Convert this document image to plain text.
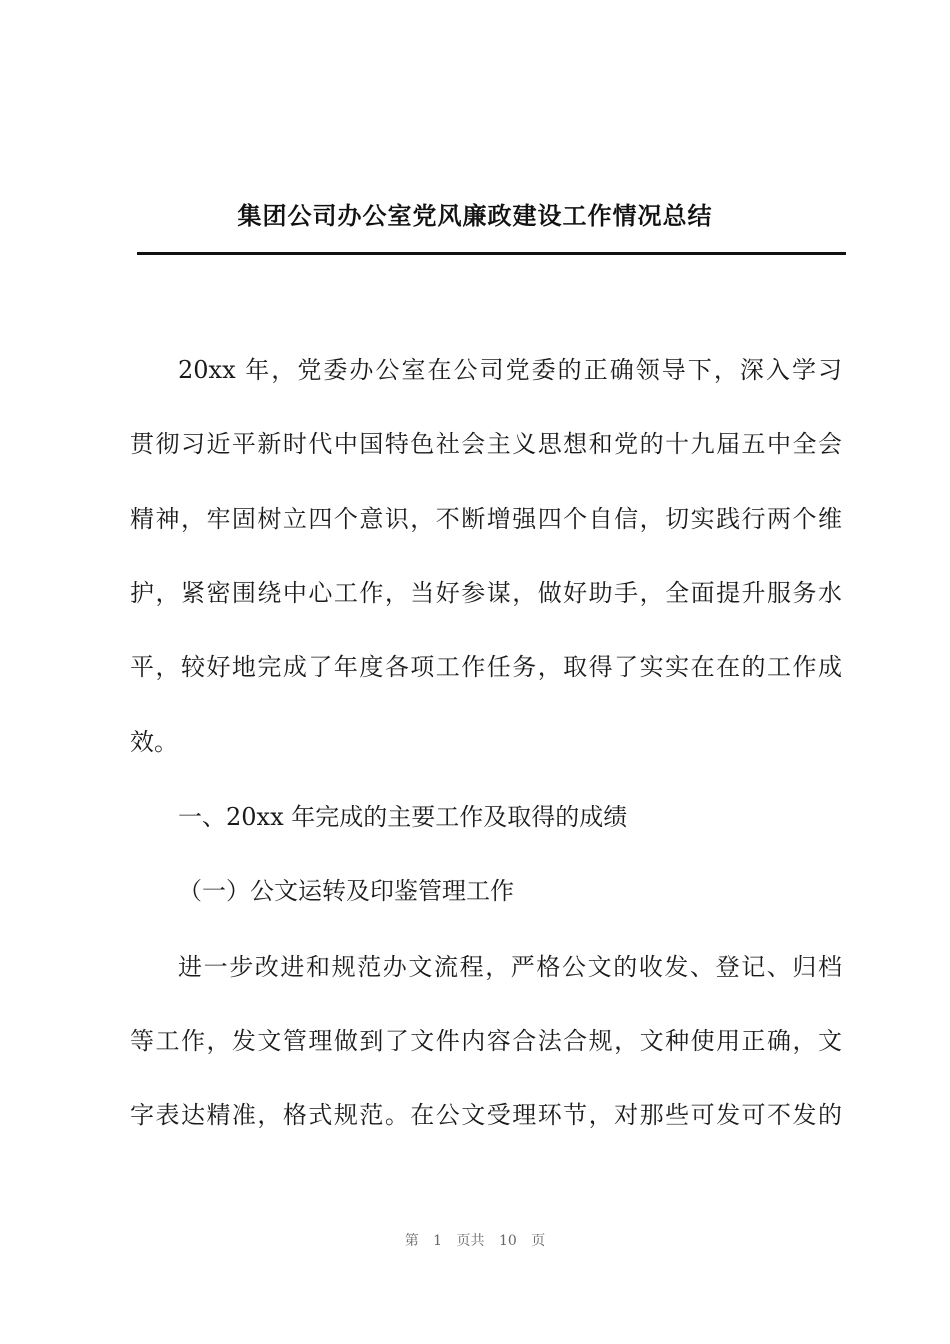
集团公司办公室党风廉政建设工作情况总结
20xx 年，党委办公室在公司党委的正确领导下，深入学习
贯彻习近平新时代中国特色社会主义思想和党的十九届五中全会
精神，牢固树立四个意识，不断增强四个自信，切实践行两个维
护，紧密围绕中心工作，当好参谋，做好助手，全面提升服务水
平，较好地完成了年度各项工作任务，取得了实实在在的工作成
效。
一、20xx 年完成的主要工作及取得的成绩
（一）公文运转及印鉴管理工作
进一步改进和规范办文流程，严格公文的收发、登记、归档
等工作，发文管理做到了文件内容合法合规，文种使用正确，文
字表达精准，格式规范。在公文受理环节，对那些可发可不发的
第 1 页共 10 页
